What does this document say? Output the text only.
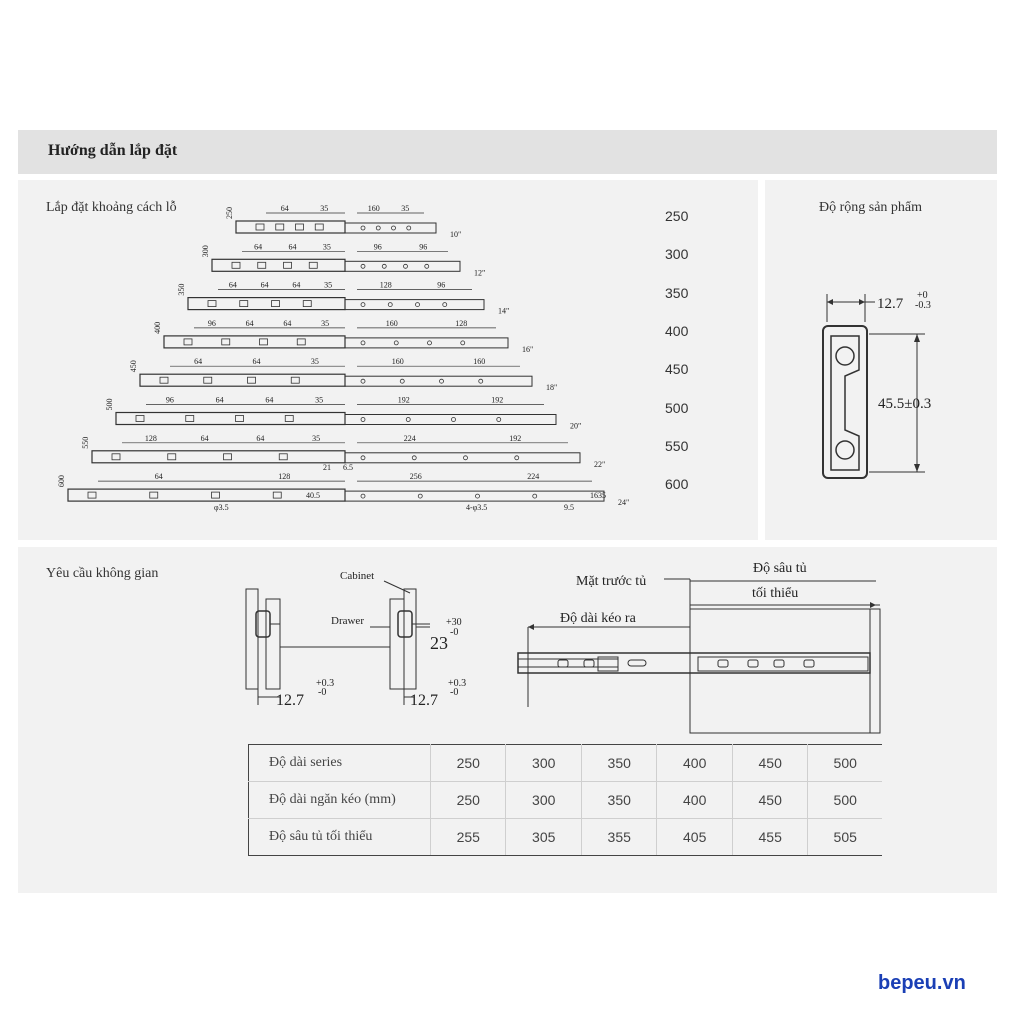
Hướng dẫn lắp đặt
Lắp đặt khoảng cách lỗ	250	64	35	160	35
10"
300	64	64	35	96	96
12"
350	64	64	64	35	128	96
14"
400	96	64	64	35	160	128
16"
450	64	64	35	160	160
18"
500	96	64	64	35	192	192
20"
550	128	64	64	35	224	192
22"
600	64	128	256	224
24"
21 6.5
40.5
9.5
16 35
4-φ3.5
φ3.5
250
300
350
400
450
500
550
600
Độ rộng sản phẩm
12.7
+0
-0.3
45.5±0.3
Yêu cầu không gian	Cabinet
Drawer
23
+30
-0
12.7
+0.3
-0	12.7
+0.3
-0
Mặt trước tủ
Độ sâu tủ
tối thiểu
Độ dài kéo ra
Độ dài series	250	300	350	400	450	500
Độ dài ngăn kéo (mm)	250	300	350	400	450	500
Độ sâu tủ tối thiểu	255	305	355	405	455	505
bepeu.vn
